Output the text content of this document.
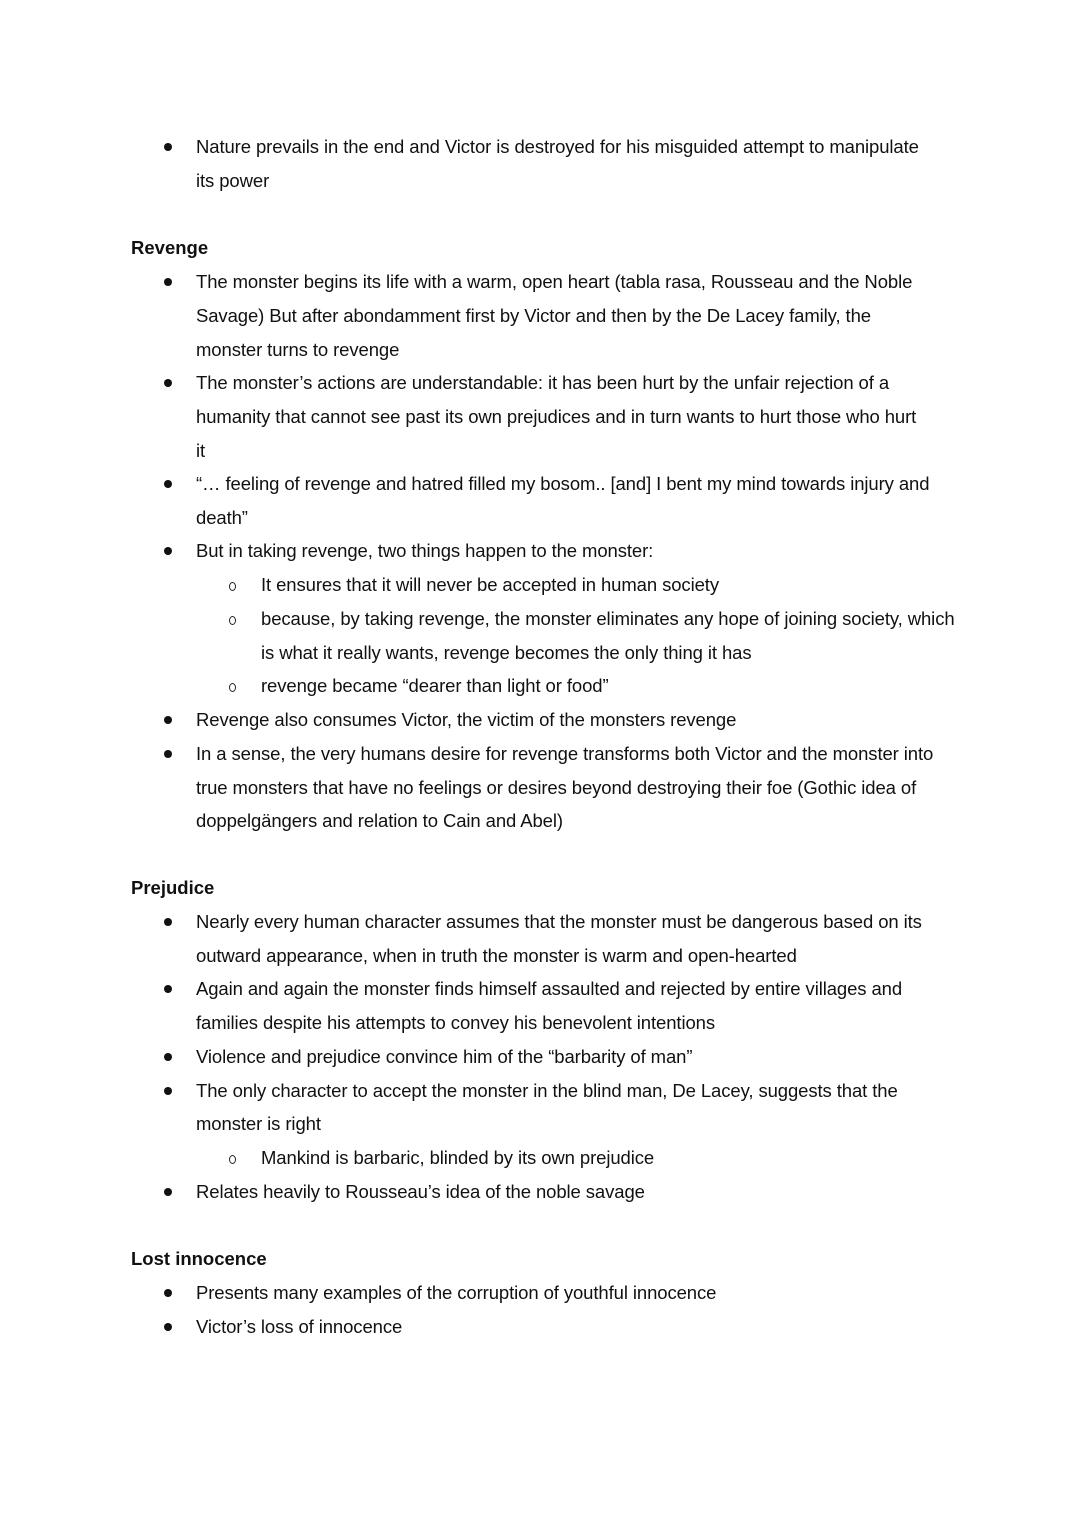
Nature prevails in the end and Victor is destroyed for his misguided attempt to manipulate
its power
Revenge
The monster begins its life with a warm, open heart (tabla rasa, Rousseau and the Noble
Savage) But after abondamment first by Victor and then by the De Lacey family, the
monster turns to revenge
The monster’s actions are understandable: it has been hurt by the unfair rejection of a
humanity that cannot see past its own prejudices and in turn wants to hurt those who hurt
it
“… feeling of revenge and hatred filled my bosom.. [and] I bent my mind towards injury and
death”
But in taking revenge, two things happen to the monster:
It ensures that it will never be accepted in human society
because, by taking revenge, the monster eliminates any hope of joining society, which
is what it really wants, revenge becomes the only thing it has
revenge became “dearer than light or food”
Revenge also consumes Victor, the victim of the monsters revenge
In a sense, the very humans desire for revenge transforms both Victor and the monster into
true monsters that have no feelings or desires beyond destroying their foe (Gothic idea of
doppelgängers and relation to Cain and Abel)
Prejudice
Nearly every human character assumes that the monster must be dangerous based on its
outward appearance, when in truth the monster is warm and open-hearted
Again and again the monster finds himself assaulted and rejected by entire villages and
families despite his attempts to convey his benevolent intentions
Violence and prejudice convince him of the “barbarity of man”
The only character to accept the monster in the blind man, De Lacey, suggests that the
monster is right
Mankind is barbaric, blinded by its own prejudice
Relates heavily to Rousseau’s idea of the noble savage
Lost innocence
Presents many examples of the corruption of youthful innocence
Victor’s loss of innocence
